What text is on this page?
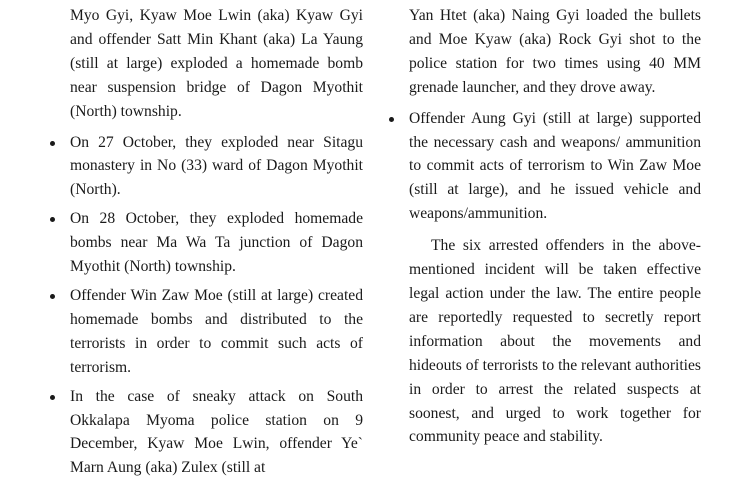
Myo Gyi, Kyaw Moe Lwin (aka) Kyaw Gyi and offender Satt Min Khant (aka) La Yaung (still at large) exploded a homemade bomb near suspension bridge of Dagon Myothit (North) township.

On 27 October, they exploded near Sitagu monastery in No (33) ward of Dagon Myothit (North).

On 28 October, they exploded homemade bombs near Ma Wa Ta junction of Dagon Myothit (North) township.

Offender Win Zaw Moe (still at large) created homemade bombs and distributed to the terrorists in order to commit such acts of terrorism.

In the case of sneaky attack on South Okkalapa Myoma police station on 9 December, Kyaw Moe Lwin, offender Ye` Marn Aung (aka) Zulex (still at

Yan Htet (aka) Naing Gyi loaded the bullets and Moe Kyaw (aka) Rock Gyi shot to the police station for two times using 40 MM grenade launcher, and they drove away.

Offender Aung Gyi (still at large) supported the necessary cash and weapons/ ammunition to commit acts of terrorism to Win Zaw Moe (still at large), and he issued vehicle and weapons/ammunition.

The six arrested offenders in the abovementioned incident will be taken effective legal action under the law. The entire people are reportedly requested to secretly report information about the movements and hideouts of terrorists to the relevant authorities in order to arrest the related suspects at soonest, and urged to work together for community peace and stability.
